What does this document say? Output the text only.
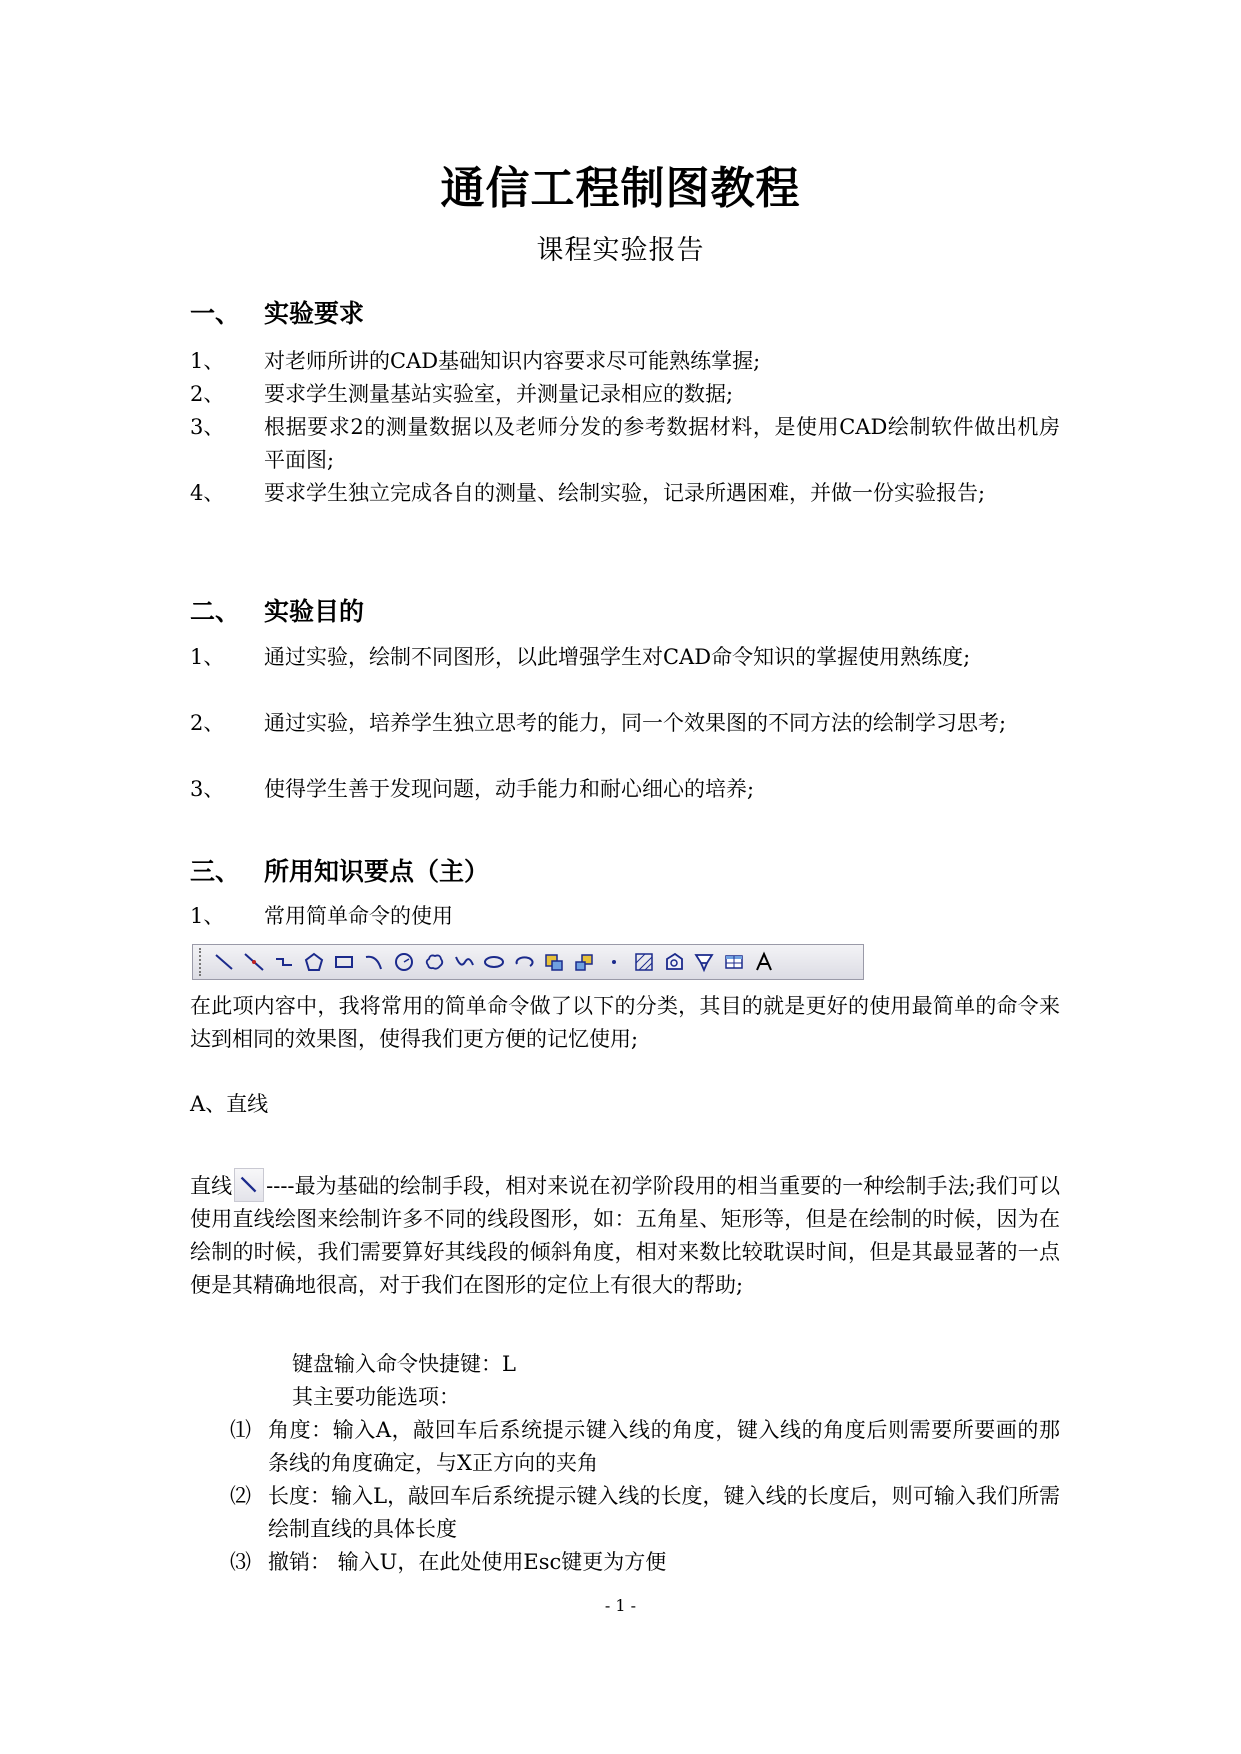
通信工程制图教程
课程实验报告
一、 实验要求
1、 对老师所讲的CAD基础知识内容要求尽可能熟练掌握;
2、 要求学生测量基站实验室，并测量记录相应的数据;
3、 根据要求2的测量数据以及老师分发的参考数据材料，是使用CAD绘制软件做出机房平面图;
4、 要求学生独立完成各自的测量、绘制实验，记录所遇困难，并做一份实验报告;
二、 实验目的
1、 通过实验，绘制不同图形，以此增强学生对CAD命令知识的掌握使用熟练度;
2、 通过实验，培养学生独立思考的能力，同一个效果图的不同方法的绘制学习思考;
3、 使得学生善于发现问题，动手能力和耐心细心的培养;
三、 所用知识要点（主）
1、 常用简单命令的使用
在此项内容中，我将常用的简单命令做了以下的分类，其目的就是更好的使用最简单的命令来达到相同的效果图，使得我们更方便的记忆使用;
A、直线
直线 ----最为基础的绘制手段，相对来说在初学阶段用的相当重要的一种绘制手法;我们可以使用直线绘图来绘制许多不同的线段图形，如：五角星、矩形等，但是在绘制的时候，因为在绘制的时候，我们需要算好其线段的倾斜角度，相对来数比较耽误时间，但是其最显著的一点便是其精确地很高，对于我们在图形的定位上有很大的帮助;
键盘输入命令快捷键：L
其主要功能选项：
⑴ 角度：输入A，敲回车后系统提示键入线的角度，键入线的角度后则需要所要画的那条线的角度确定，与X正方向的夹角
⑵ 长度：输入L，敲回车后系统提示键入线的长度，键入线的长度后，则可输入我们所需绘制直线的具体长度
⑶ 撤销： 输入U，在此处使用Esc键更为方便
- 1 -
